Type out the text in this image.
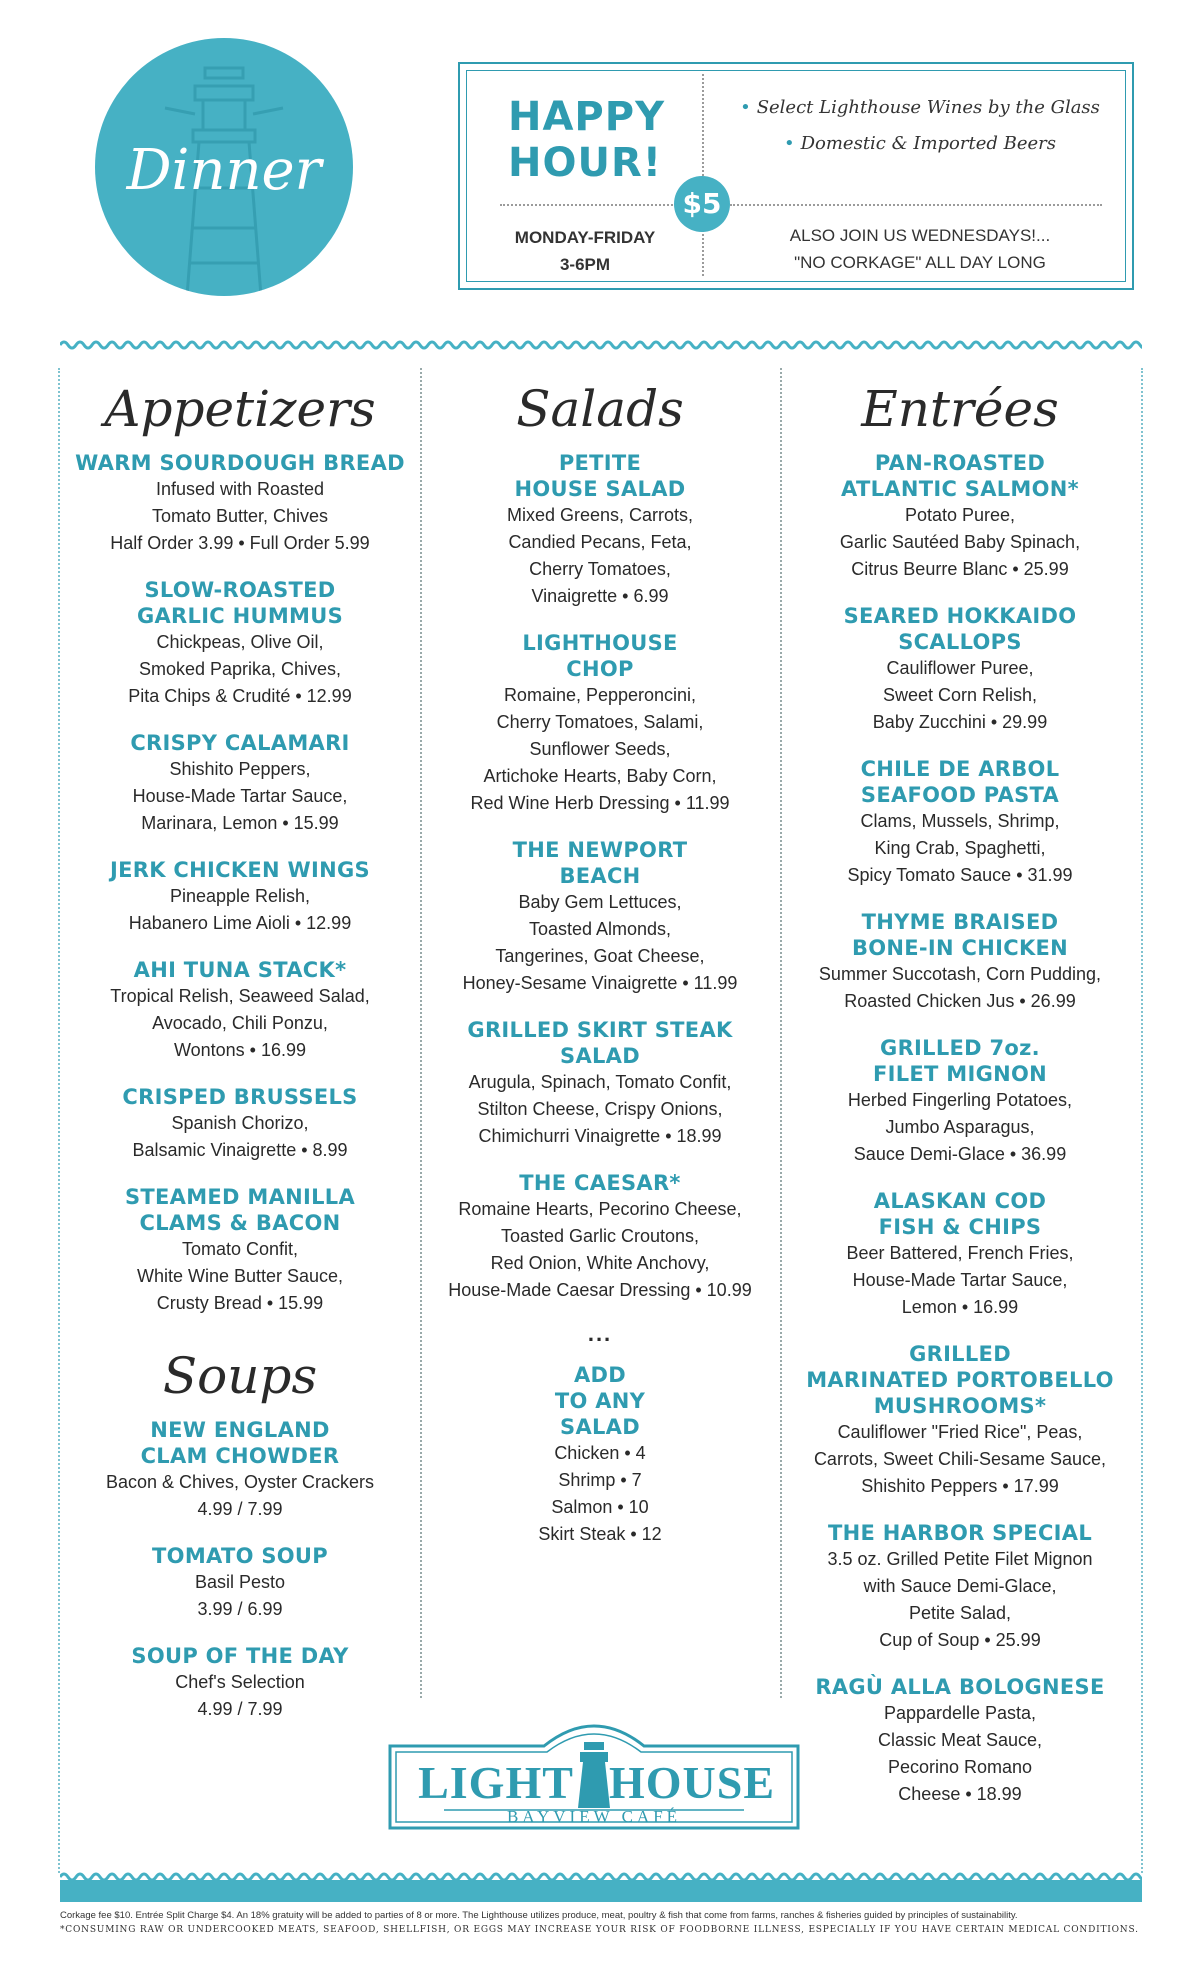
Dinner
HAPPY HOUR!
$5
MONDAY-FRIDAY
3-6PM
• Select Lighthouse Wines by the Glass
• Domestic & Imported Beers
ALSO JOIN US WEDNESDAYS!...
"NO CORKAGE" ALL DAY LONG
Appetizers
WARM SOURDOUGH BREAD
Infused with Roasted
Tomato Butter, Chives
Half Order 3.99 • Full Order 5.99
SLOW-ROASTED
GARLIC HUMMUS
Chickpeas, Olive Oil,
Smoked Paprika, Chives,
Pita Chips & Crudité • 12.99
CRISPY CALAMARI
Shishito Peppers,
House-Made Tartar Sauce,
Marinara, Lemon • 15.99
JERK CHICKEN WINGS
Pineapple Relish,
Habanero Lime Aioli • 12.99
AHI TUNA STACK*
Tropical Relish, Seaweed Salad,
Avocado, Chili Ponzu,
Wontons • 16.99
CRISPED BRUSSELS
Spanish Chorizo,
Balsamic Vinaigrette • 8.99
STEAMED MANILLA
CLAMS & BACON
Tomato Confit,
White Wine Butter Sauce,
Crusty Bread • 15.99
Soups
NEW ENGLAND
CLAM CHOWDER
Bacon & Chives, Oyster Crackers
4.99 / 7.99
TOMATO SOUP
Basil Pesto
3.99 / 6.99
SOUP OF THE DAY
Chef's Selection
4.99 / 7.99
Salads
PETITE
HOUSE SALAD
Mixed Greens, Carrots,
Candied Pecans, Feta,
Cherry Tomatoes,
Vinaigrette • 6.99
LIGHTHOUSE
CHOP
Romaine, Pepperoncini,
Cherry Tomatoes, Salami,
Sunflower Seeds,
Artichoke Hearts, Baby Corn,
Red Wine Herb Dressing • 11.99
THE NEWPORT
BEACH
Baby Gem Lettuces,
Toasted Almonds,
Tangerines, Goat Cheese,
Honey-Sesame Vinaigrette • 11.99
GRILLED SKIRT STEAK
SALAD
Arugula, Spinach, Tomato Confit,
Stilton Cheese, Crispy Onions,
Chimichurri Vinaigrette • 18.99
THE CAESAR*
Romaine Hearts, Pecorino Cheese,
Toasted Garlic Croutons,
Red Onion, White Anchovy,
House-Made Caesar Dressing • 10.99
...
ADD
TO ANY
SALAD
Chicken • 4
Shrimp • 7
Salmon • 10
Skirt Steak • 12
Entrées
PAN-ROASTED
ATLANTIC SALMON*
Potato Puree,
Garlic Sautéed Baby Spinach,
Citrus Beurre Blanc • 25.99
SEARED HOKKAIDO
SCALLOPS
Cauliflower Puree,
Sweet Corn Relish,
Baby Zucchini • 29.99
CHILE DE ARBOL
SEAFOOD PASTA
Clams, Mussels, Shrimp,
King Crab, Spaghetti,
Spicy Tomato Sauce • 31.99
THYME BRAISED
BONE-IN CHICKEN
Summer Succotash, Corn Pudding,
Roasted Chicken Jus • 26.99
GRILLED 7oz.
FILET MIGNON
Herbed Fingerling Potatoes,
Jumbo Asparagus,
Sauce Demi-Glace • 36.99
ALASKAN COD
FISH & CHIPS
Beer Battered, French Fries,
House-Made Tartar Sauce,
Lemon • 16.99
GRILLED
MARINATED PORTOBELLO
MUSHROOMS*
Cauliflower "Fried Rice", Peas,
Carrots, Sweet Chili-Sesame Sauce,
Shishito Peppers • 17.99
THE HARBOR SPECIAL
3.5 oz. Grilled Petite Filet Mignon
with Sauce Demi-Glace,
Petite Salad,
Cup of Soup • 25.99
RAGÙ ALLA BOLOGNESE
Pappardelle Pasta,
Classic Meat Sauce,
Pecorino Romano
Cheese • 18.99
LIGHT HOUSE
BAYVIEW CAFÉ
Corkage fee $10. Entrée Split Charge $4. An 18% gratuity will be added to parties of 8 or more. The Lighthouse utilizes produce, meat, poultry & fish that come from farms, ranches & fisheries guided by principles of sustainability.
*CONSUMING RAW OR UNDERCOOKED MEATS, SEAFOOD, SHELLFISH, OR EGGS MAY INCREASE YOUR RISK OF FOODBORNE ILLNESS, ESPECIALLY IF YOU HAVE CERTAIN MEDICAL CONDITIONS.
